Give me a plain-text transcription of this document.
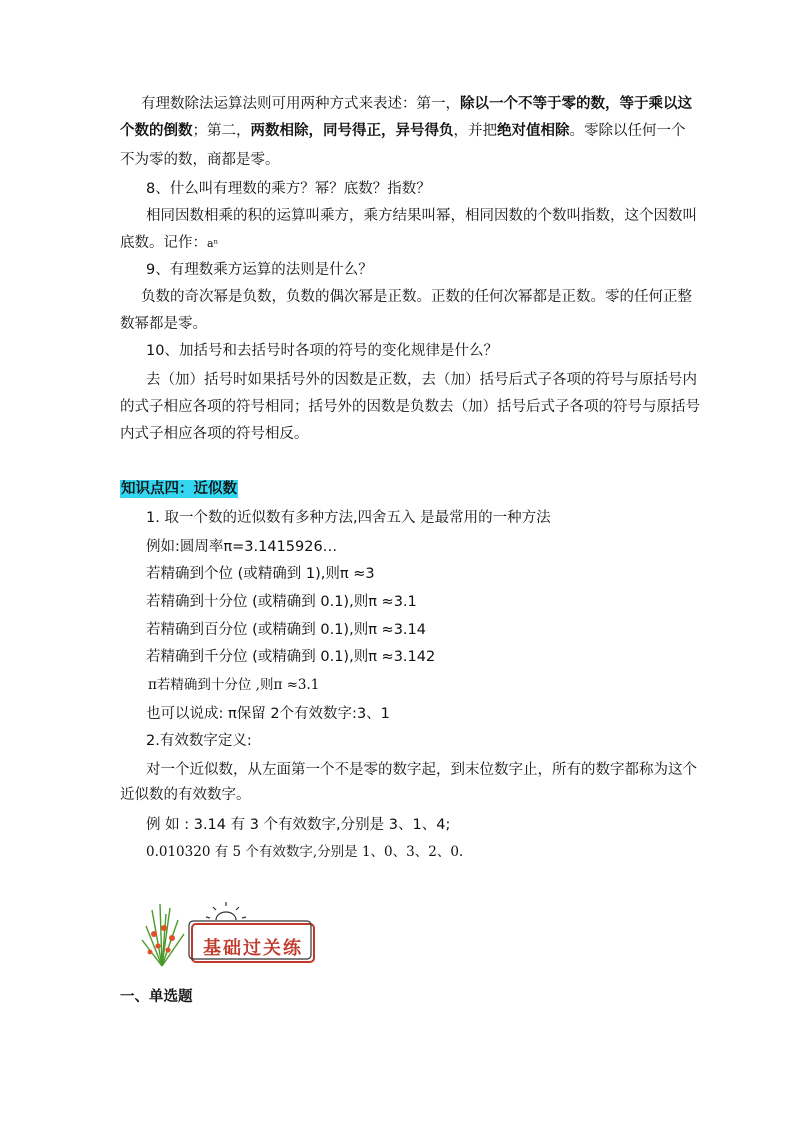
有理数除法运算法则可用两种方式来表述：第一，除以一个不等于零的数，等于乘以这
个数的倒数；第二，两数相除，同号得正，异号得负，并把绝对值相除。零除以任何一个
不为零的数，商都是零。
8、什么叫有理数的乘方？幂？底数？指数？
相同因数相乘的积的运算叫乘方，乘方结果叫幂，相同因数的个数叫指数，这个因数叫
底数。记作：aⁿ
9、有理数乘方运算的法则是什么？
负数的奇次幂是负数，负数的偶次幂是正数。正数的任何次幂都是正数。零的任何正整
数幂都是零。
10、加括号和去括号时各项的符号的变化规律是什么？
去（加）括号时如果括号外的因数是正数，去（加）括号后式子各项的符号与原括号内
的式子相应各项的符号相同；括号外的因数是负数去（加）括号后式子各项的符号与原括号
内式子相应各项的符号相反。
知识点四：近似数
1. 取一个数的近似数有多种方法,四舍五入 是最常用的一种方法
例如:圆周率π=3.1415926…
若精确到个位 (或精确到 1),则π ≈3
若精确到十分位 (或精确到 0.1),则π ≈3.1
若精确到百分位 (或精确到 0.1),则π ≈3.14
若精确到千分位 (或精确到 0.1),则π ≈3.142
π若精确到十分位 ,则π ≈3.1
也可以说成: π保留 2个有效数字:3、1
2.有效数字定义:
对一个近似数，从左面第一个不是零的数字起，到末位数字止，所有的数字都称为这个
近似数的有效数字。
例 如 : 3.14 有 3 个有效数字,分别是 3、1、4;
0.010320 有 5 个有效数字,分别是 1、0、3、2、0.
基础过关练
一、单选题
